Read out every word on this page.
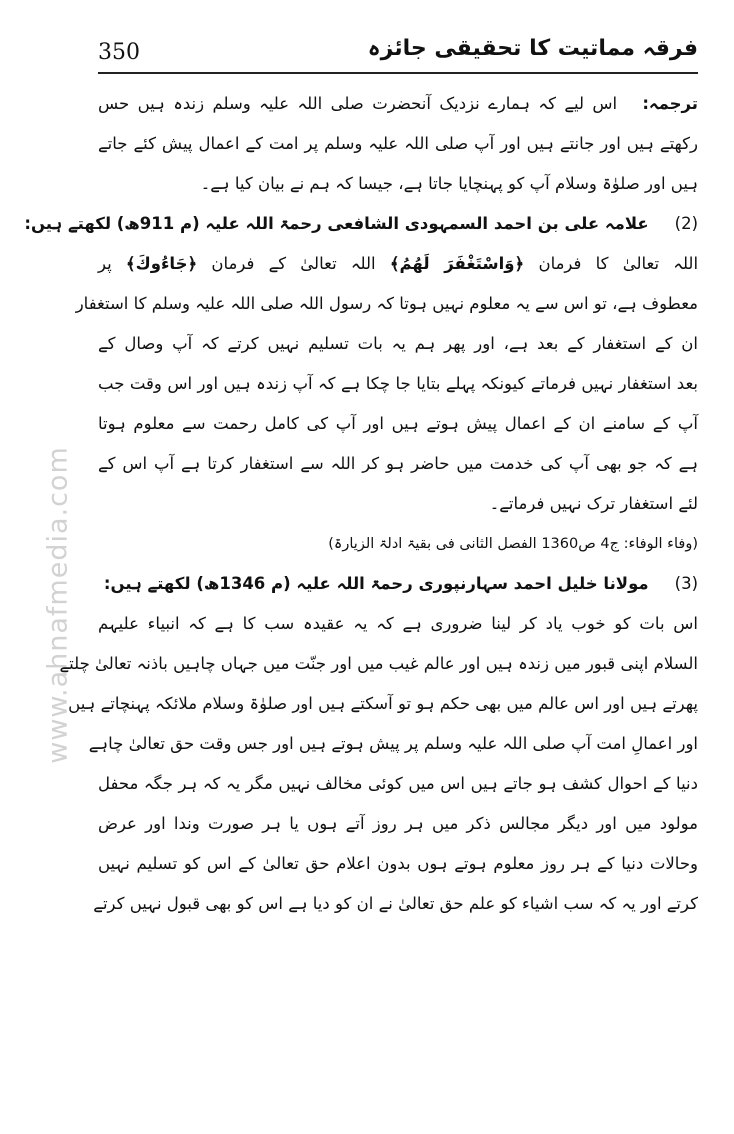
350	فرقہ مماتیت کا تحقیقی جائزہ
www.ahnafmedia.com
ترجمہ:   اس لیے کہ ہمارے نزدیک آنحضرت صلی اللہ علیہ وسلم زندہ ہیں حس
رکھتے ہیں اور جانتے ہیں اور آپ صلی اللہ علیہ وسلم پر امت کے اعمال پیش کئے جاتے
ہیں اور صلوٰۃ وسلام آپ کو پہنچایا جاتا ہے، جیسا کہ ہم نے بیان کیا ہے۔
(2)علامہ علی بن احمد السمہودی الشافعی رحمۃ اللہ علیہ (م 911ھ) لکھتے ہیں:
اللہ تعالیٰ کا فرمان ﴿وَاسْتَغْفَرَ لَهُمُ﴾ اللہ تعالیٰ کے فرمان ﴿جَاءُوكَ﴾ پر
معطوف ہے، تو اس سے یہ معلوم نہیں ہوتا کہ رسول اللہ صلی اللہ علیہ وسلم کا استغفار
ان کے استغفار کے بعد ہے، اور پھر ہم یہ بات تسلیم نہیں کرتے کہ آپ وصال کے
بعد استغفار نہیں فرماتے کیونکہ پہلے بتایا جا چکا ہے کہ آپ زندہ ہیں اور اس وقت جب
آپ کے سامنے ان کے اعمال پیش ہوتے ہیں اور آپ کی کامل رحمت سے معلوم ہوتا
ہے کہ جو بھی آپ کی خدمت میں حاضر ہو کر اللہ سے استغفار کرتا ہے آپ اس کے
لئے استغفار ترک نہیں فرماتے۔
(وفاء الوفاء: ج4 ص1360 الفصل الثانی فی بقیۃ ادلۃ الزیارۃ)
(3)مولانا خلیل احمد سہارنپوری رحمۃ اللہ علیہ (م 1346ھ) لکھتے ہیں:
اس بات کو خوب یاد کر لینا ضروری ہے کہ یہ عقیدہ سب کا ہے کہ انبیاء علیہم
السلام اپنی قبور میں زندہ ہیں اور عالم غیب میں اور جنّت میں جہاں چاہیں باذنہ تعالیٰ چلتے
پھرتے ہیں اور اس عالم میں بھی حکم ہو تو آسکتے ہیں اور صلوٰۃ وسلام ملائکہ پہنچاتے ہیں
اور اعمالِ امت آپ صلی اللہ علیہ وسلم پر پیش ہوتے ہیں اور جس وقت حق تعالیٰ چاہے
دنیا کے احوال کشف ہو جاتے ہیں اس میں کوئی مخالف نہیں مگر یہ کہ ہر جگہ محفل
مولود میں اور دیگر مجالس ذکر میں ہر روز آتے ہوں یا ہر صورت وندا اور عرض
وحالات دنیا کے ہر روز معلوم ہوتے ہوں بدون اعلام حق تعالیٰ کے اس کو تسلیم نہیں
کرتے اور یہ کہ سب اشیاء کو علم حق تعالیٰ نے ان کو دیا ہے اس کو بھی قبول نہیں کرتے
